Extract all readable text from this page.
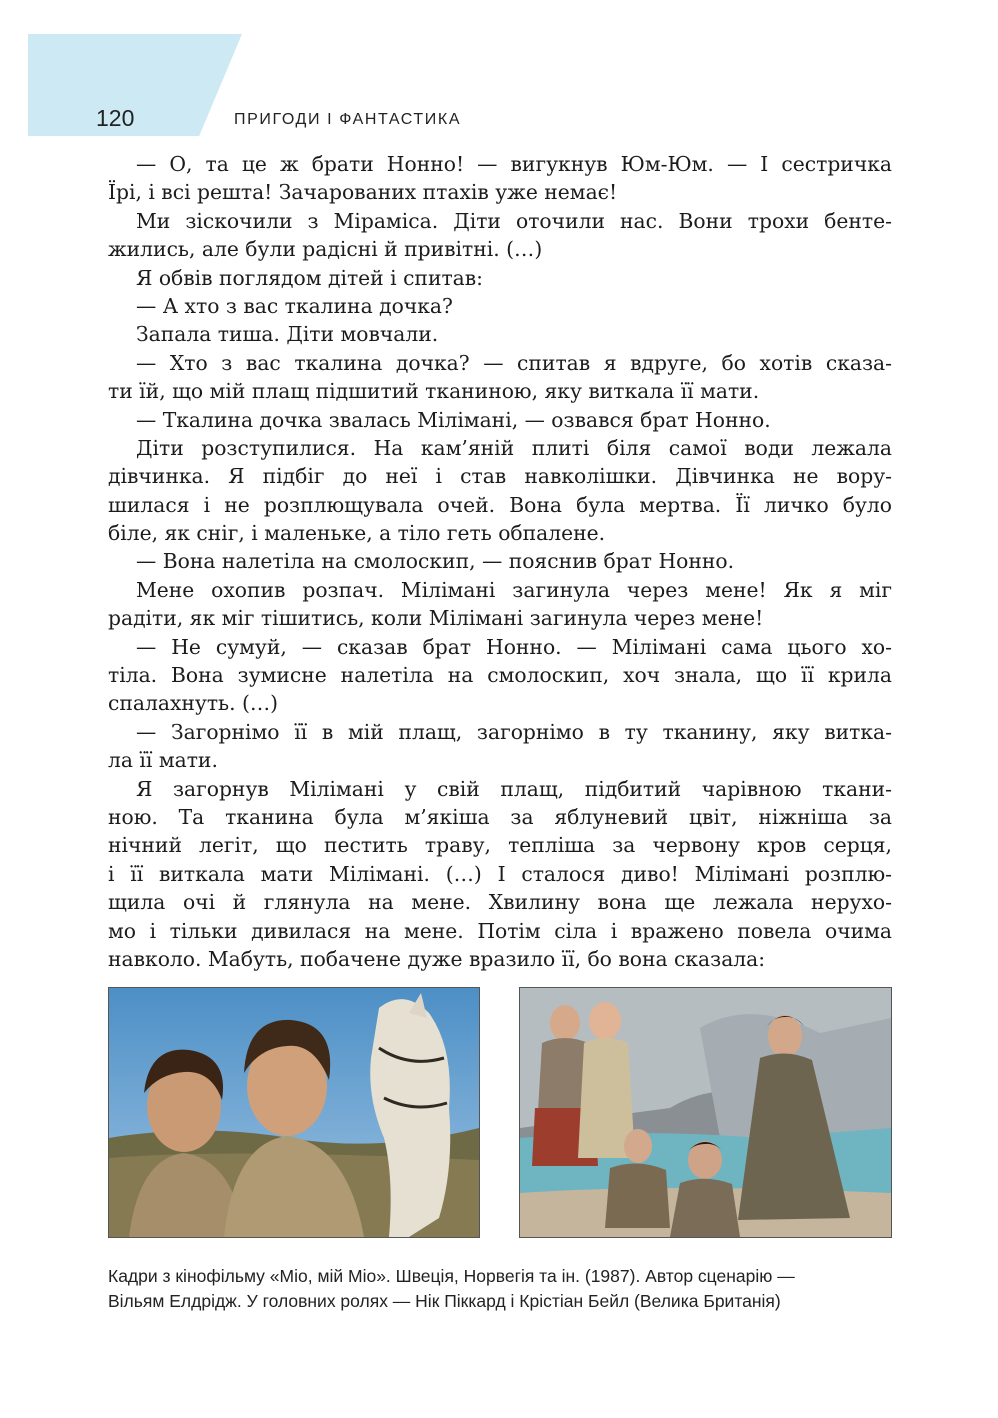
120	ПРИГОДИ І ФАНТАСТИКА
— О, та це ж брати Нонно! — вигукнув Юм-Юм. — І сестричка
Їрі, і всі решта! Зачарованих птахів уже немає!
Ми зіскочили з Міраміса. Діти оточили нас. Вони трохи бенте-
жились, але були радісні й привітні. (…)
Я обвів поглядом дітей і спитав:
— А хто з вас ткалина дочка?
Запала тиша. Діти мовчали.
— Хто з вас ткалина дочка? — спитав я вдруге, бо хотів сказа-
ти їй, що мій плащ підшитий тканиною, яку виткала її мати.
— Ткалина дочка звалась Мілімані, — озвався брат Нонно.
Діти розступилися. На кам’яній плиті біля самої води лежала
дівчинка. Я підбіг до неї і став навколішки. Дівчинка не вору-
шилася і не розплющувала очей. Вона була мертва. Її личко було
біле, як сніг, і маленьке, а тіло геть обпалене.
— Вона налетіла на смолоскип, — пояснив брат Нонно.
Мене охопив розпач. Мілімані загинула через мене! Як я міг
радіти, як міг тішитись, коли Мілімані загинула через мене!
— Не сумуй, — сказав брат Нонно. — Мілімані сама цього хо-
тіла. Вона зумисне налетіла на смолоскип, хоч знала, що її крила
спалахнуть. (…)
— Загорнімо її в мій плащ, загорнімо в ту тканину, яку витка-
ла її мати.
Я загорнув Мілімані у свій плащ, підбитий чарівною ткани-
ною. Та тканина була м’якіша за яблуневий цвіт, ніжніша за
нічний легіт, що пестить траву, тепліша за червону кров серця,
і її виткала мати Мілімані. (…) І сталося диво! Мілімані розплю-
щила очі й глянула на мене. Хвилину вона ще лежала нерухо-
мо і тільки дивилася на мене. Потім сіла і вражено повела очима
навколо. Мабуть, побачене дуже вразило її, бо вона сказала:
Кадри з кінофільму «Міо, мій Міо». Швеція, Норвегія та ін. (1987). Автор сценарію —
Вільям Елдрідж. У головних ролях — Нік Піккард і Крістіан Бейл (Велика Британія)
